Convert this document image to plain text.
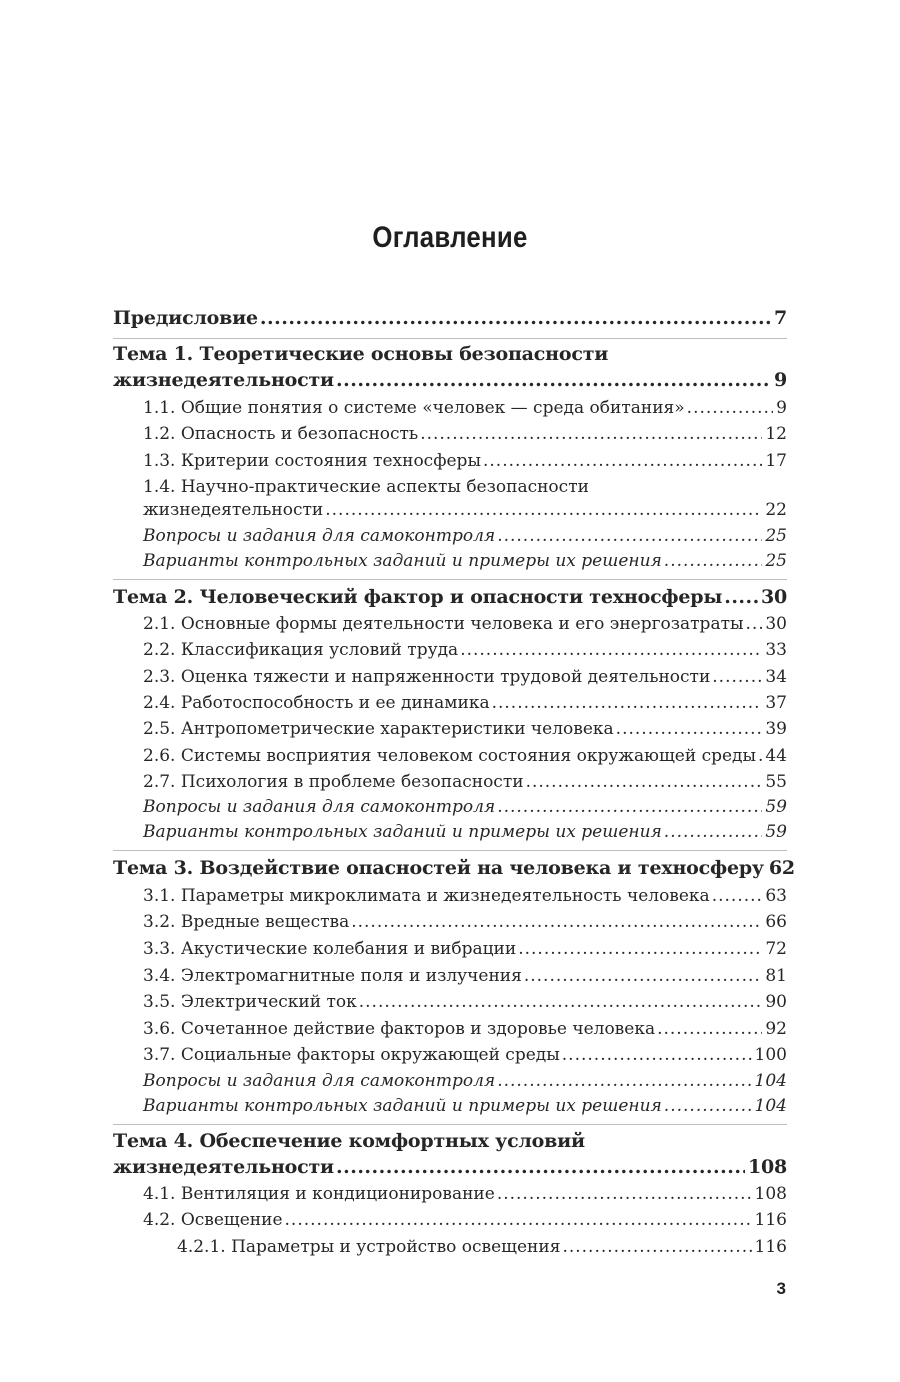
Оглавление
Предисловие .....	7
Тема 1. Теоретические основы безопасности
жизнедеятельности .....	9
1.1. Общие понятия о системе «человек — среда обитания» .....	9
1.2. Опасность и безопасность .....	12
1.3. Критерии состояния техносферы .....	17
1.4. Научно-практические аспекты безопасности
жизнедеятельности .....	22
Вопросы и задания для самоконтроля .....	25
Варианты контрольных заданий и примеры их решения .....	25
Тема 2. Человеческий фактор и опасности техносферы ..... 30
2.1. Основные формы деятельности человека и его энергозатраты ..... 30
2.2. Классификация условий труда .....	33
2.3. Оценка тяжести и напряженности трудовой деятельности .....	34
2.4. Работоспособность и ее динамика .....	37
2.5. Антропометрические характеристики человека .....	39
2.6. Системы восприятия человеком состояния окружающей среды ..... 44
2.7. Психология в проблеме безопасности .....	55
Вопросы и задания для самоконтроля .....	59
Варианты контрольных заданий и примеры их решения .....	59
Тема 3. Воздействие опасностей на человека и техносферу 62
3.1. Параметры микроклимата и жизнедеятельность человека .....	63
3.2. Вредные вещества .....	66
3.3. Акустические колебания и вибрации .....	72
3.4. Электромагнитные поля и излучения .....	81
3.5. Электрический ток .....	90
3.6. Сочетанное действие факторов и здоровье человека .....	92
3.7. Социальные факторы окружающей среды .....	100
Вопросы и задания для самоконтроля .....	104
Варианты контрольных заданий и примеры их решения .....	104
Тема 4. Обеспечение комфортных условий
жизнедеятельности .....	108
4.1. Вентиляция и кондиционирование .....	108
4.2. Освещение .....	116
4.2.1. Параметры и устройство освещения .....	116
3
